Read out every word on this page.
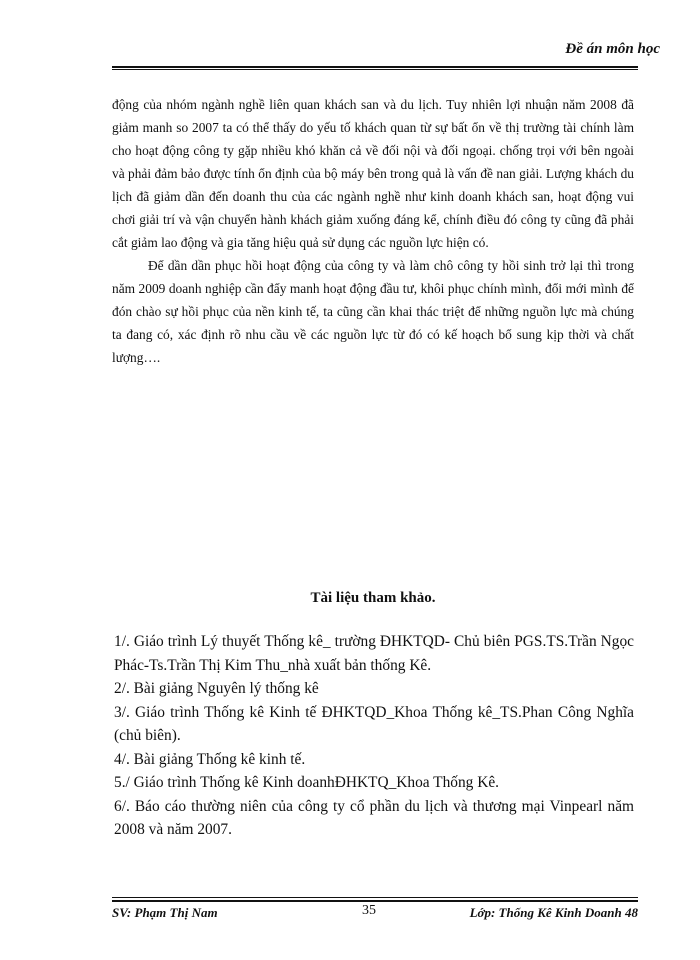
Đề án môn học

động của nhóm ngành nghề liên quan khách san và du lịch. Tuy nhiên lợi nhuận năm 2008 đã giảm manh so 2007 ta có thể thấy do yếu tố khách quan từ sự bất ổn về thị trường tài chính làm cho hoạt động công ty gặp nhiều khó khăn cả về đối nội và đối ngoại. chống trọi với bên ngoài và phải đảm bảo được tính ổn định của bộ máy bên trong quả là vấn đề nan giải. Lượng khách du lịch đã giảm dần đến doanh thu của các ngành nghề như kinh doanh khách san, hoạt động vui chơi giải trí và vận chuyển hành khách giảm xuống đáng kể, chính điều đó công ty cũng đã phải cắt giảm lao động và gia tăng hiệu quả sử dụng các nguồn lực hiện có.

Để dần dần phục hồi hoạt động của công ty và làm chô công ty hồi sinh trở lại thì trong năm 2009 doanh nghiệp cần đẩy manh hoạt động đầu tư, khôi phục chính mình, đổi mới mình để đón chào sự hồi phục của nền kinh tế, ta cũng cần khai thác triệt để những nguồn lực mà chúng ta đang có, xác định rõ nhu cầu về các nguồn lực từ đó có kế hoạch bổ sung kịp thời và chất lượng….

Tài liệu tham khảo.
1/. Giáo trình Lý thuyết Thống kê_ trường ĐHKTQD- Chủ biên PGS.TS.Trần Ngọc Phác-Ts.Trần Thị Kim Thu_nhà xuất bản thống Kê.
2/. Bài giảng Nguyên lý thống kê
3/. Giáo trình Thống kê Kinh tế ĐHKTQD_Khoa Thống kê_TS.Phan Công Nghĩa (chủ biên).
4/. Bài giảng Thống kê kinh tế.
5./ Giáo trình Thống kê Kinh doanhĐHKTQ_Khoa Thống Kê.
6/. Báo cáo thường niên của công ty cổ phần du lịch và thương mại Vinpearl năm 2008 và năm 2007.
SV: Phạm Thị Nam	35	Lớp: Thống Kê Kinh Doanh 48
